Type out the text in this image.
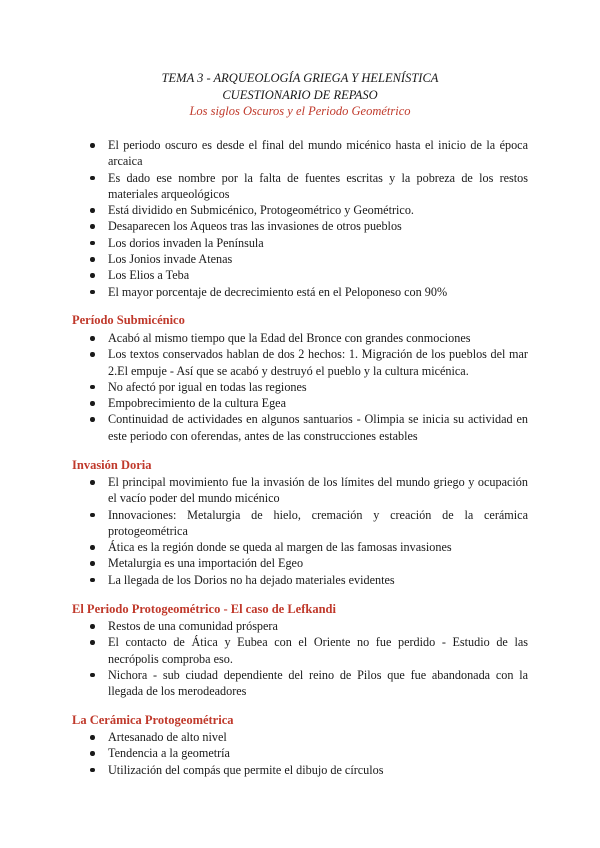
TEMA 3 - ARQUEOLOGÍA GRIEGA Y HELENÍSTICA
CUESTIONARIO DE REPASO
Los siglos Oscuros y el Periodo Geométrico
El periodo oscuro es desde el final del mundo micénico hasta el inicio de la época arcaica
Es dado ese nombre por la falta de fuentes escritas y la pobreza de los restos materiales arqueológicos
Está dividido en Submicénico, Protogeométrico y Geométrico.
Desaparecen los Aqueos tras las invasiones de otros pueblos
Los dorios invaden la Península
Los Jonios invade Atenas
Los Elios a Teba
El mayor porcentaje de decrecimiento está en el Peloponeso con 90%
Período Submicénico
Acabó al mismo tiempo que la Edad del Bronce con grandes conmociones
Los textos conservados hablan de dos 2 hechos: 1. Migración de los pueblos del mar 2.El empuje - Así que se acabó y destruyó el pueblo y la cultura micénica.
No afectó por igual en todas las regiones
Empobrecimiento de la cultura Egea
Continuidad de actividades en algunos santuarios - Olimpia se inicia su actividad en este periodo con oferendas, antes de las construcciones estables
Invasión Doria
El principal movimiento fue la invasión de los límites del mundo griego y ocupación el vacío poder del mundo micénico
Innovaciones: Metalurgia de hielo, cremación y creación de la cerámica protogeométrica
Ática es la región donde se queda al margen de las famosas invasiones
Metalurgia es una importación del Egeo
La llegada de los Dorios no ha dejado materiales evidentes
El Periodo Protogeométrico - El caso de Lefkandi
Restos de una comunidad próspera
El contacto de Ática y Eubea con el Oriente no fue perdido - Estudio de las necrópolis comproba eso.
Nichora - sub ciudad dependiente del reino de Pilos que fue abandonada con la llegada de los merodeadores
La Cerámica Protogeométrica
Artesanado de alto nivel
Tendencia a la geometría
Utilización del compás que permite el dibujo de círculos
